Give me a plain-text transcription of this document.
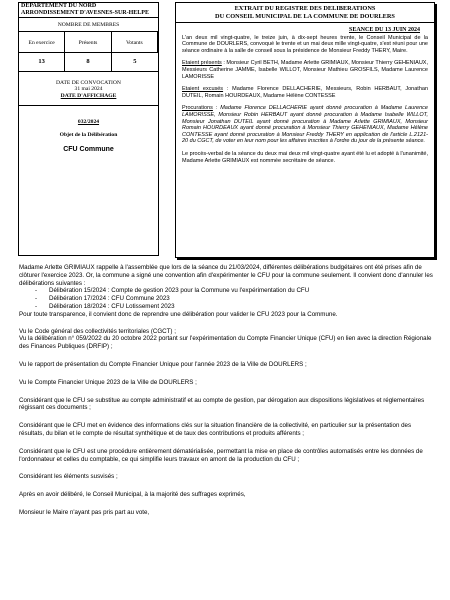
DEPARTEMENT DU NORD
ARRONDISSEMENT D'AVESNES-SUR-HELPE
NOMBRE DE MEMBRES
En exercice	Présents	Votants
13	8	5
DATE DE CONVOCATION
31 mai 2024
DATE D'AFFICHAGE
032/2024
Objet de la Délibération
CFU Commune
EXTRAIT DU REGISTRE DES DELIBERATIONS
DU CONSEIL MUNICIPAL DE LA COMMUNE DE DOURLERS
SEANCE DU 13 JUIN 2024

L'an deux mil vingt-quatre, le treize juin, à dix-sept heures trente, le Conseil Municipal de la Commune de DOURLERS, convoqué le trente et un mai deux mille vingt-quatre, s'est réuni pour une séance ordinaire à la salle de conseil sous la présidence de Monsieur Freddy THERY, Maire.

Etaient présents : Monsieur Cyril BETH, Madame Arlette GRIMIAUX, Monsieur Thierry GEHENIAUX, Messieurs Catherine JAMME, Isabelle WILLOT, Monsieur Mathieu GROSFILS, Madame Laurence LAMORISSE

Etaient excusés : Madame Florence DELLACHERIE, Messieurs, Robin HERBAUT, Jonathan DUTEIL, Romain HOURDEAUX, Madame Hélène CONTESSE

Procurations : Madame Florence DELLACHERIE ayant donné procuration à Madame Laurence LAMORISSE, Monsieur Robin HERBAUT ayant donné procuration à Madame Isabelle WILLOT, Monsieur Jonathan DUTEIL ayant donné procuration à Madame Arlette GRIMIAUX, Monsieur Romain HOURDEAUX ayant donné procuration à Monsieur Thierry GEHENIAUX, Madame Hélène CONTESSE ayant donné procuration à Monsieur Freddy THERY en application de l'article L.2121-20 du CGCT, de voter en leur nom pour les affaires inscrites à l'ordre du jour de la présente séance.

Le procès-verbal de la séance du deux mai deux mil vingt-quatre ayant été lu et adopté à l'unanimité, Madame Arlette GRIMIAUX est nommée secrétaire de séance.

Madame Arlette GRIMIAUX rappelle à l'assemblée que lors de la séance du 21/03/2024, différentes délibérations budgétaires ont été prises afin de clôturer l'exercice 2023. Or, la commune a signé une convention afin d'expérimenter le CFU pour la commune seulement. Il convient donc d'annuler les délibérations suivantes :

- Délibération 15/2024 : Compte de gestion 2023 pour la Commune vu l'expérimentation du CFU
- Délibération 17/2024 : CFU Commune 2023
- Délibération 18/2024 : CFU Lotissement 2023

Pour toute transparence, il convient donc de reprendre une délibération pour valider le CFU 2023 pour la Commune.

Vu le Code général des collectivités territoriales (CGCT) ;

Vu la délibération n° 059/2022 du 20 octobre 2022 portant sur l'expérimentation du Compte Financier Unique (CFU) en lien avec la direction Régionale des Finances Publiques (DRFIP) ;

Vu le rapport de présentation du Compte Financier Unique pour l'année 2023 de la Ville de DOURLERS ;

Vu le Compte Financier Unique 2023 de la Ville de DOURLERS ;

Considérant que le CFU se substitue au compte administratif et au compte de gestion, par dérogation aux dispositions législatives et réglementaires régissant ces documents ;

Considérant que le CFU met en évidence des informations clés sur la situation financière de la collectivité, en particulier sur la présentation des résultats, du bilan et le compte de résultat synthétique et de taux des contributions et produits afférents ;

Considérant que le CFU est une procédure entièrement dématérialisée, permettant la mise en place de contrôles automatisés entre les données de l'ordonnateur et celles du comptable, ce qui simplifie leurs travaux en amont de la production du CFU ;

Considérant les éléments susvisés ;

Après en avoir délibéré, le Conseil Municipal, à la majorité des suffrages exprimés,

Monsieur le Maire n'ayant pas pris part au vote,
